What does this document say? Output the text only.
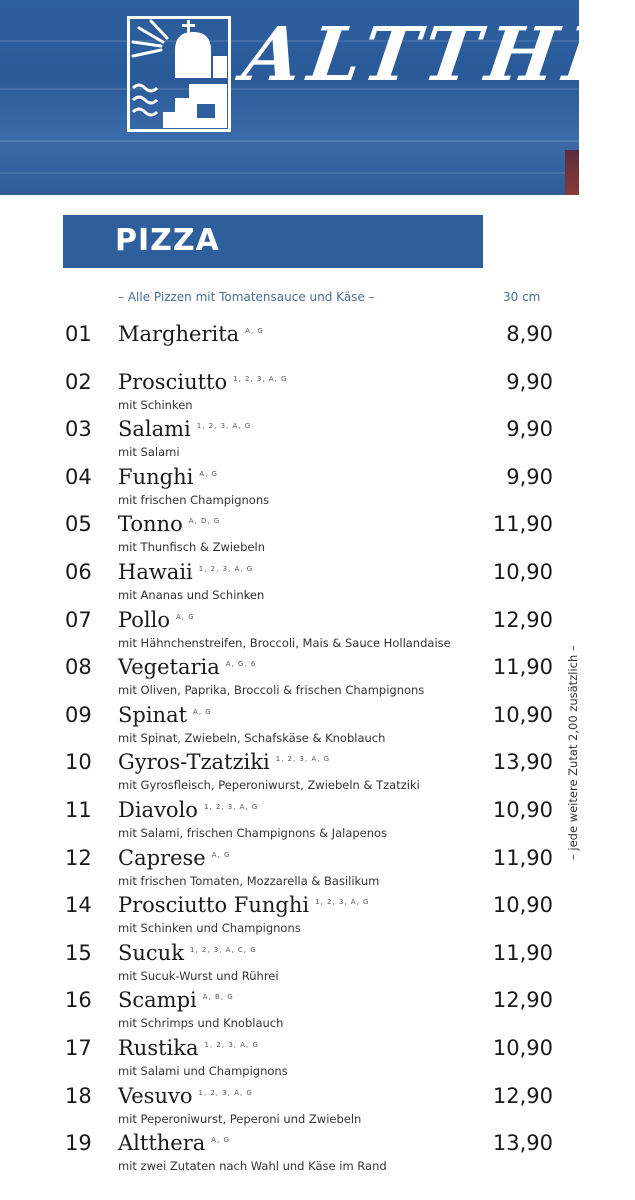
ALTTHE
PIZZA
– Alle Pizzen mit Tomatensauce und Käse –	30 cm
01 Margherita $^{A, G}$	8,90
02 Prosciutto $^{1, 2, 3, A, G}$
mit Schinken
9,90
03 Salami $^{1, 2, 3, A, G}$
mit Salami
9,90
04 Funghi $^{A, G}$
mit frischen Champignons
9,90
05 Tonno $^{A, D, G}$
mit Thunfisch & Zwiebeln
11,90
06 Hawaii $^{1, 2, 3, A, G}$
mit Ananas und Schinken
10,90
07 Pollo $^{A, G}$
mit Hähnchenstreifen, Broccoli, Mais & Sauce Hollandaise
12,90
08 Vegetaria $^{A, G, 6}$
mit Oliven, Paprika, Broccoli & frischen Champignons
11,90
09 Spinat $^{A, G}$
mit Spinat, Zwiebeln, Schafskäse & Knoblauch
10,90
10 Gyros-Tzatziki $^{1, 2, 3, A, G}$
mit Gyrosfleisch, Peperoniwurst, Zwiebeln & Tzatziki
13,90
11 Diavolo $^{1, 2, 3, A, G}$
mit Salami, frischen Champignons & Jalapenos
10,90
12 Caprese $^{A, G}$
mit frischen Tomaten, Mozzarella & Basilikum
11,90
14 Prosciutto Funghi $^{1, 2, 3, A, G}$
mit Schinken und Champignons
10,90
15 Sucuk $^{1, 2, 3, A, C, G}$
mit Sucuk-Wurst und Rührei
11,90
16 Scampi $^{A, B, G}$
mit Schrimps und Knoblauch
12,90
17 Rustika $^{1, 2, 3, A, G}$
mit Salami und Champignons
10,90
18 Vesuvo $^{1, 2, 3, A, G}$
mit Peperoniwurst, Peperoni und Zwiebeln
12,90
19 Altthera $^{A, G}$
mit zwei Zutaten nach Wahl und Käse im Rand
13,90
– jede weitere Zutat 2,00 zusätzlich –
